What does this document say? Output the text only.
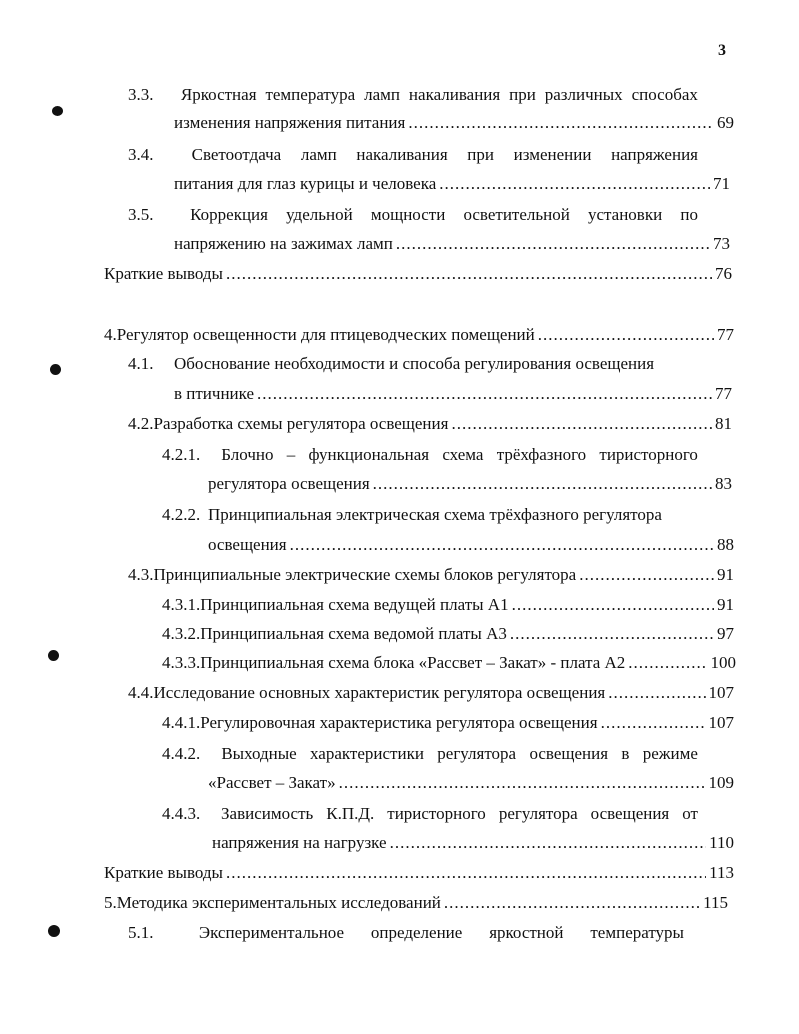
3
3.3.	Яркостная температура ламп накаливания при различных способах
изменения напряжения питания .....	69
3.4.	Светоотдача ламп накаливания при изменении напряжения
питания для глаз курицы и человека .....	71
3.5.	Коррекция удельной мощности осветительной установки по
напряжению на зажимах ламп .....	73
Краткие выводы .....	76
4. Регулятор освещенности для птицеводческих помещений .....	77
4.1.	Обоснование необходимости и способа регулирования освещения
в птичнике .....	77
4.2. Разработка схемы регулятора освещения .....	81
4.2.1.	Блочно – функциональная схема трёхфазного тиристорного
регулятора освещения .....	83
4.2.2. Принципиальная электрическая схема трёхфазного регулятора
освещения .....	88
4.3. Принципиальные электрические схемы блоков регулятора .....	91
4.3.1. Принципиальная схема ведущей платы А1 .....	91
4.3.2. Принципиальная схема ведомой платы А3 .....	97
4.3.3. Принципиальная схема блока «Рассвет – Закат» - плата А2 .....	100
4.4. Исследование основных характеристик регулятора освещения .....	107
4.4.1. Регулировочная характеристика регулятора освещения .....	107
4.4.2.	Выходные характеристики регулятора освещения в режиме
«Рассвет – Закат» .....	109
4.4.3.	Зависимость К.П.Д. тиристорного регулятора освещения от
напряжения на нагрузке .....	110
Краткие выводы .....	113
5. Методика экспериментальных исследований .....	115
5.1.	Экспериментальное определение яркостной температуры
